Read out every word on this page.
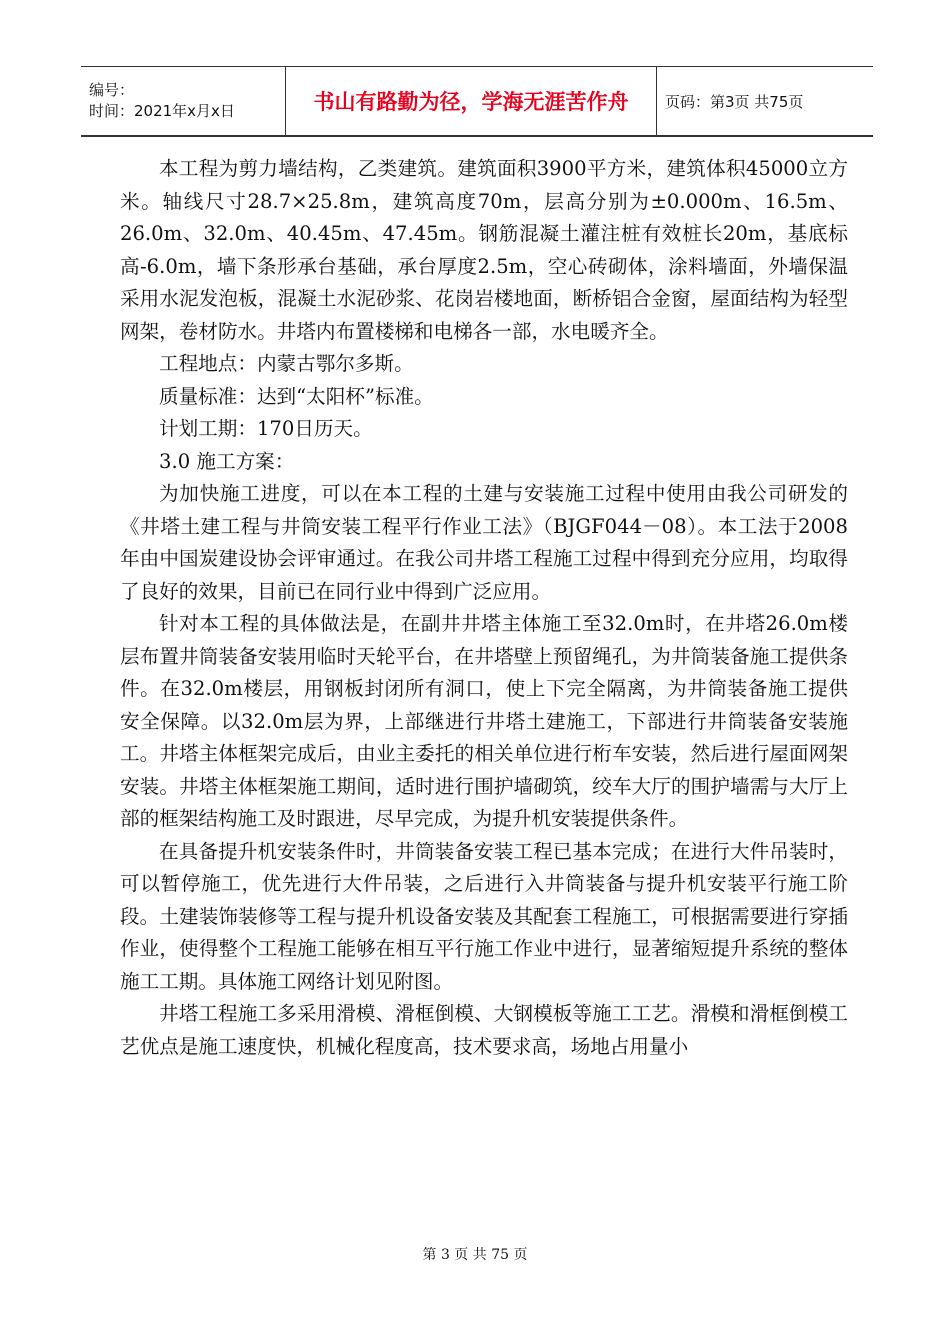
编号：
时间：2021年x月x日	书山有路勤为径，学海无涯苦作舟	页码：第3页 共75页

本工程为剪力墙结构，乙类建筑。建筑面积3900平方米，建筑体积45000立方米。轴线尺寸28.7×25.8m，建筑高度70m，层高分别为±0.000m、16.5m、26.0m、32.0m、40.45m、47.45m。钢筋混凝土灌注桩有效桩长20m，基底标高-6.0m，墙下条形承台基础，承台厚度2.5m，空心砖砌体，涂料墙面，外墙保温采用水泥发泡板，混凝土水泥砂浆、花岗岩楼地面，断桥铝合金窗，屋面结构为轻型网架，卷材防水。井塔内布置楼梯和电梯各一部，水电暖齐全。

工程地点：内蒙古鄂尔多斯。

质量标准：达到“太阳杯”标准。

计划工期：170日历天。

3.0 施工方案：

为加快施工进度，可以在本工程的土建与安装施工过程中使用由我公司研发的《井塔土建工程与井筒安装工程平行作业工法》（BJGF044－08）。本工法于2008年由中国炭建设协会评审通过。在我公司井塔工程施工过程中得到充分应用，均取得了良好的效果，目前已在同行业中得到广泛应用。

针对本工程的具体做法是，在副井井塔主体施工至32.0m时，在井塔26.0m楼层布置井筒装备安装用临时天轮平台，在井塔壁上预留绳孔，为井筒装备施工提供条件。在32.0m楼层，用钢板封闭所有洞口，使上下完全隔离，为井筒装备施工提供安全保障。以32.0m层为界，上部继进行井塔土建施工，下部进行井筒装备安装施工。井塔主体框架完成后，由业主委托的相关单位进行桁车安装，然后进行屋面网架安装。井塔主体框架施工期间，适时进行围护墙砌筑，绞车大厅的围护墙需与大厅上部的框架结构施工及时跟进，尽早完成，为提升机安装提供条件。

在具备提升机安装条件时，井筒装备安装工程已基本完成；在进行大件吊装时，可以暂停施工，优先进行大件吊装，之后进行入井筒装备与提升机安装平行施工阶段。土建装饰装修等工程与提升机设备安装及其配套工程施工，可根据需要进行穿插作业，使得整个工程施工能够在相互平行施工作业中进行，显著缩短提升系统的整体施工工期。具体施工网络计划见附图。

井塔工程施工多采用滑模、滑框倒模、大钢模板等施工工艺。滑模和滑框倒模工艺优点是施工速度快，机械化程度高，技术要求高，场地占用量小

第 3 页 共 75 页
